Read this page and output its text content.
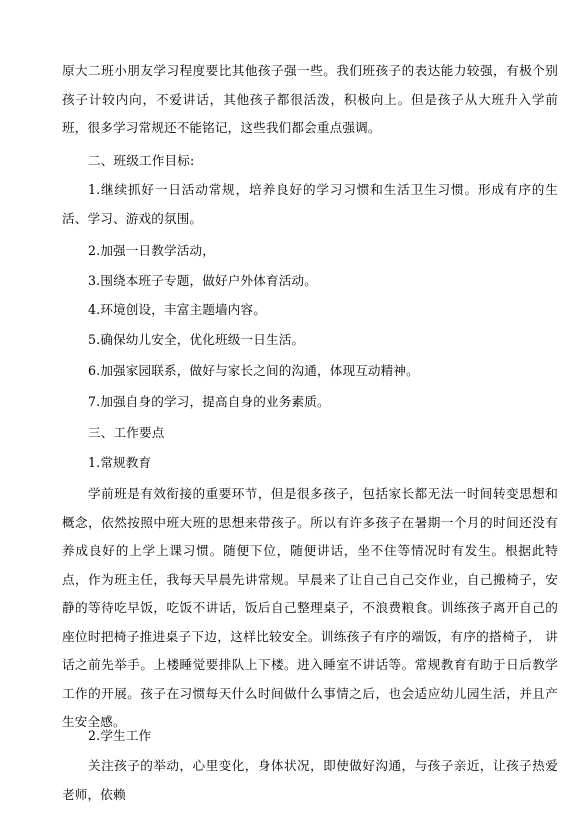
原大二班小朋友学习程度要比其他孩子强一些。我们班孩子的表达能力较强，有极个别孩子计较内向，不爱讲话，其他孩子都很活泼，积极向上。但是孩子从大班升入学前班，很多学习常规还不能铭记，这些我们都会重点强调。

二、班级工作目标:

1.继续抓好一日活动常规，培养良好的学习习惯和生活卫生习惯。形成有序的生活、学习、游戏的氛围。

2.加强一日教学活动，

3.围绕本班子专题，做好户外体育活动。

4.环境创设，丰富主题墙内容。

5.确保幼儿安全，优化班级一日生活。

6.加强家园联系，做好与家长之间的沟通，体现互动精神。

7.加强自身的学习，提高自身的业务素质。

三、工作要点

1.常规教育

学前班是有效衔接的重要环节，但是很多孩子，包括家长都无法一时间转变思想和概念，依然按照中班大班的思想来带孩子。所以有许多孩子在暑期一个月的时间还没有养成良好的上学上课习惯。随便下位，随便讲话，坐不住等情况时有发生。根据此特点，作为班主任，我每天早晨先讲常规。早晨来了让自己自己交作业，自己搬椅子，安静的等待吃早饭，吃饭不讲话，饭后自己整理桌子，不浪费粮食。训练孩子离开自己的座位时把椅子推进桌子下边，这样比较安全。训练孩子有序的端饭，有序的搭椅子， 讲话之前先举手。上楼睡觉要排队上下楼。进入睡室不讲话等。常规教育有助于日后教学工作的开展。孩子在习惯每天什么时间做什么事情之后，也会适应幼儿园生活，并且产生安全感。

2.学生工作

关注孩子的举动，心里变化，身体状况，即使做好沟通，与孩子亲近，让孩子热爱老师，依赖
